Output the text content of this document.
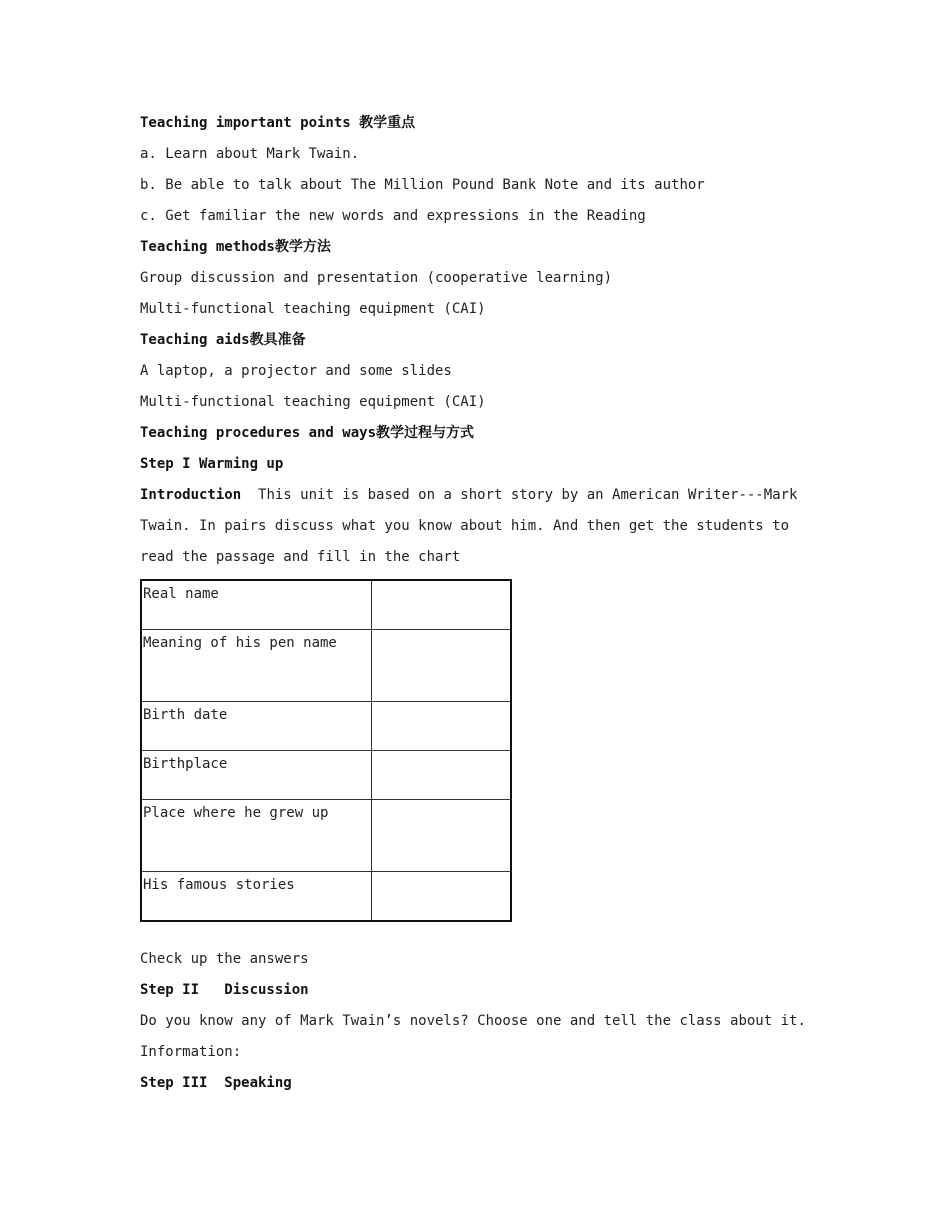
Teaching important points 教学重点

a. Learn about Mark Twain.

b. Be able to talk about The Million Pound Bank Note and its author

c. Get familiar the new words and expressions in the Reading

Teaching methods教学方法

Group discussion and presentation (cooperative learning)

Multi-functional teaching equipment (CAI)

Teaching aids教具准备

A laptop, a projector and some slides

Multi-functional teaching equipment (CAI)

Teaching procedures and ways教学过程与方式

Step I Warming up

Introduction  This unit is based on a short story by an American Writer---Mark Twain. In pairs discuss what you know about him. And then get the students to read the passage and fill in the chart

Real name	
Meaning of his pen name	
Birth date	
Birthplace	
Place where he grew up	
His famous stories	

Check up the answers

Step II   Discussion

Do you know any of Mark Twain’s novels? Choose one and tell the class about it.

Information:

Step III  Speaking
